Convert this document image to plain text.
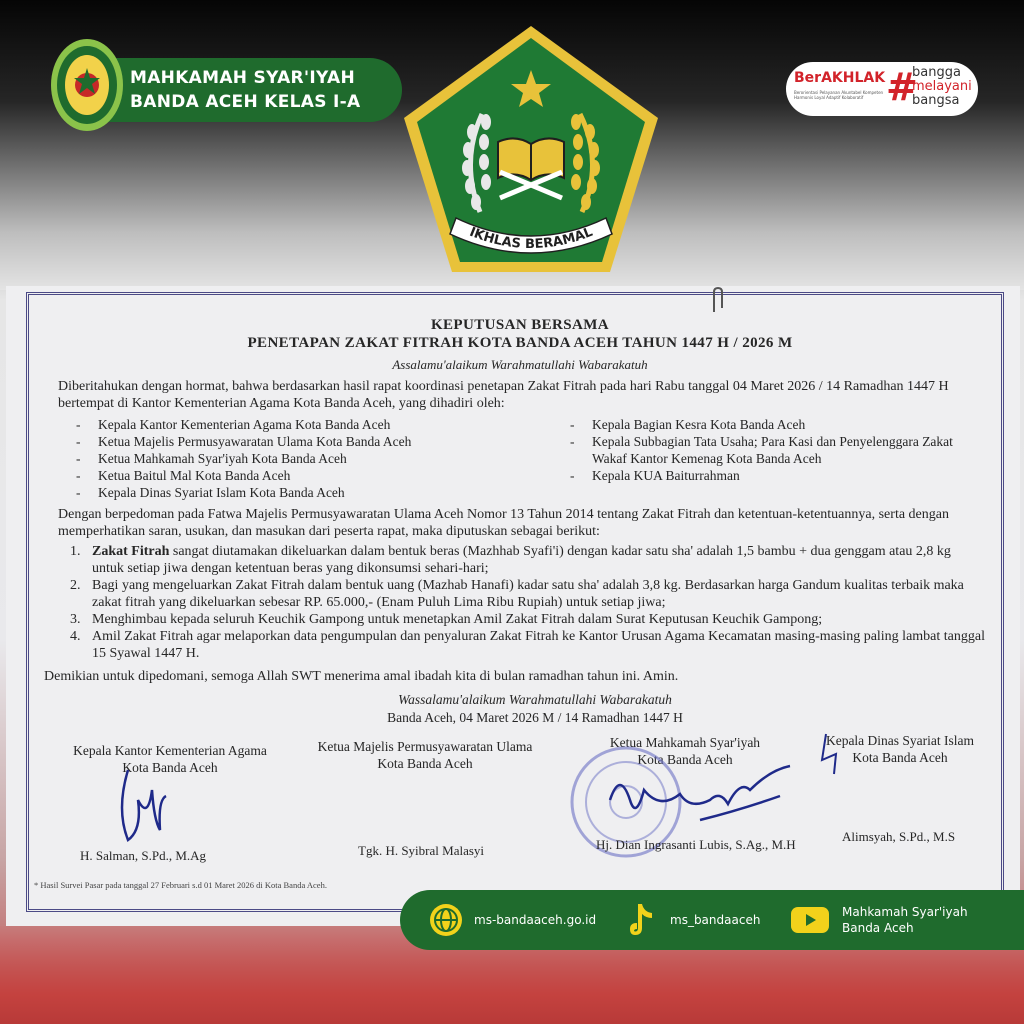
IKHLAS BERAMAL
MAHKAMAH SYAR'IYAH
BANDA ACEH KELAS I-A
BerAKHLAK
Berorientasi Pelayanan Akuntabel Kompeten Harmonis Loyal Adaptif Kolaboratif #
bangga
melayani
bangsa
KEPUTUSAN BERSAMA
PENETAPAN ZAKAT FITRAH KOTA BANDA ACEH TAHUN 1447 H / 2026 M
Assalamu'alaikum Warahmatullahi Wabarakatuh
Diberitahukan dengan hormat, bahwa berdasarkan hasil rapat koordinasi penetapan Zakat Fitrah pada hari Rabu tanggal 04 Maret 2026 / 14 Ramadhan 1447 H
bertempat di Kantor Kementerian Agama Kota Banda Aceh, yang dihadiri oleh:
- Kepala Kantor Kementerian Agama Kota Banda Aceh
- Ketua Majelis Permusyawaratan Ulama Kota Banda Aceh
- Ketua Mahkamah Syar'iyah Kota Banda Aceh
- Ketua Baitul Mal Kota Banda Aceh
- Kepala Dinas Syariat Islam Kota Banda Aceh
- Kepala Bagian Kesra Kota Banda Aceh
-	Kepala Subbagian Tata Usaha; Para Kasi dan Penyelenggara Zakat Wakaf Kantor Kemenag Kota Banda Aceh
- Kepala KUA Baiturrahman
Dengan berpedoman pada Fatwa Majelis Permusyawaratan Ulama Aceh Nomor 13 Tahun 2014 tentang Zakat Fitrah dan ketentuan-ketentuannya, serta dengan
memperhatikan saran, usukan, dan masukan dari peserta rapat, maka diputuskan sebagai berikut:
1. Zakat Fitrah sangat diutamakan dikeluarkan dalam bentuk beras (Mazhhab Syafi'i) dengan kadar satu sha' adalah 1,5 bambu + dua genggam atau 2,8 kg
untuk setiap jiwa dengan ketentuan beras yang dikonsumsi sehari-hari;
2. Bagi yang mengeluarkan Zakat Fitrah dalam bentuk uang (Mazhab Hanafi) kadar satu sha' adalah 3,8 kg. Berdasarkan harga Gandum kualitas terbaik maka
zakat fitrah yang dikeluarkan sebesar RP. 65.000,- (Enam Puluh Lima Ribu Rupiah) untuk setiap jiwa;
3. Menghimbau kepada seluruh Keuchik Gampong untuk menetapkan Amil Zakat Fitrah dalam Surat Keputusan Keuchik Gampong;
4. Amil Zakat Fitrah agar melaporkan data pengumpulan dan penyaluran Zakat Fitrah ke Kantor Urusan Agama Kecamatan masing-masing paling lambat tanggal
15 Syawal 1447 H.
Demikian untuk dipedomani, semoga Allah SWT menerima amal ibadah kita di bulan ramadhan tahun ini. Amin.
Wassalamu'alaikum Warahmatullahi Wabarakatuh
Banda Aceh, 04 Maret 2026 M / 14 Ramadhan 1447 H
Kepala Kantor Kementerian Agama
Kota Banda Aceh
Ketua Majelis Permusyawaratan Ulama
Kota Banda Aceh
Ketua Mahkamah Syar'iyah
Kota Banda Aceh
Kepala Dinas Syariat Islam
Kota Banda Aceh
H. Salman, S.Pd., M.Ag	Tgk. H. Syibral Malasyi	Hj. Dian Ingrasanti Lubis, S.Ag., M.H
Alimsyah, S.Pd., M.S
* Hasil Survei Pasar pada tanggal 27 Februari s.d 01 Maret 2026 di Kota Banda Aceh.
ms-bandaaceh.go.id	ms_bandaaceh
Mahkamah Syar'iyah
Banda Aceh
